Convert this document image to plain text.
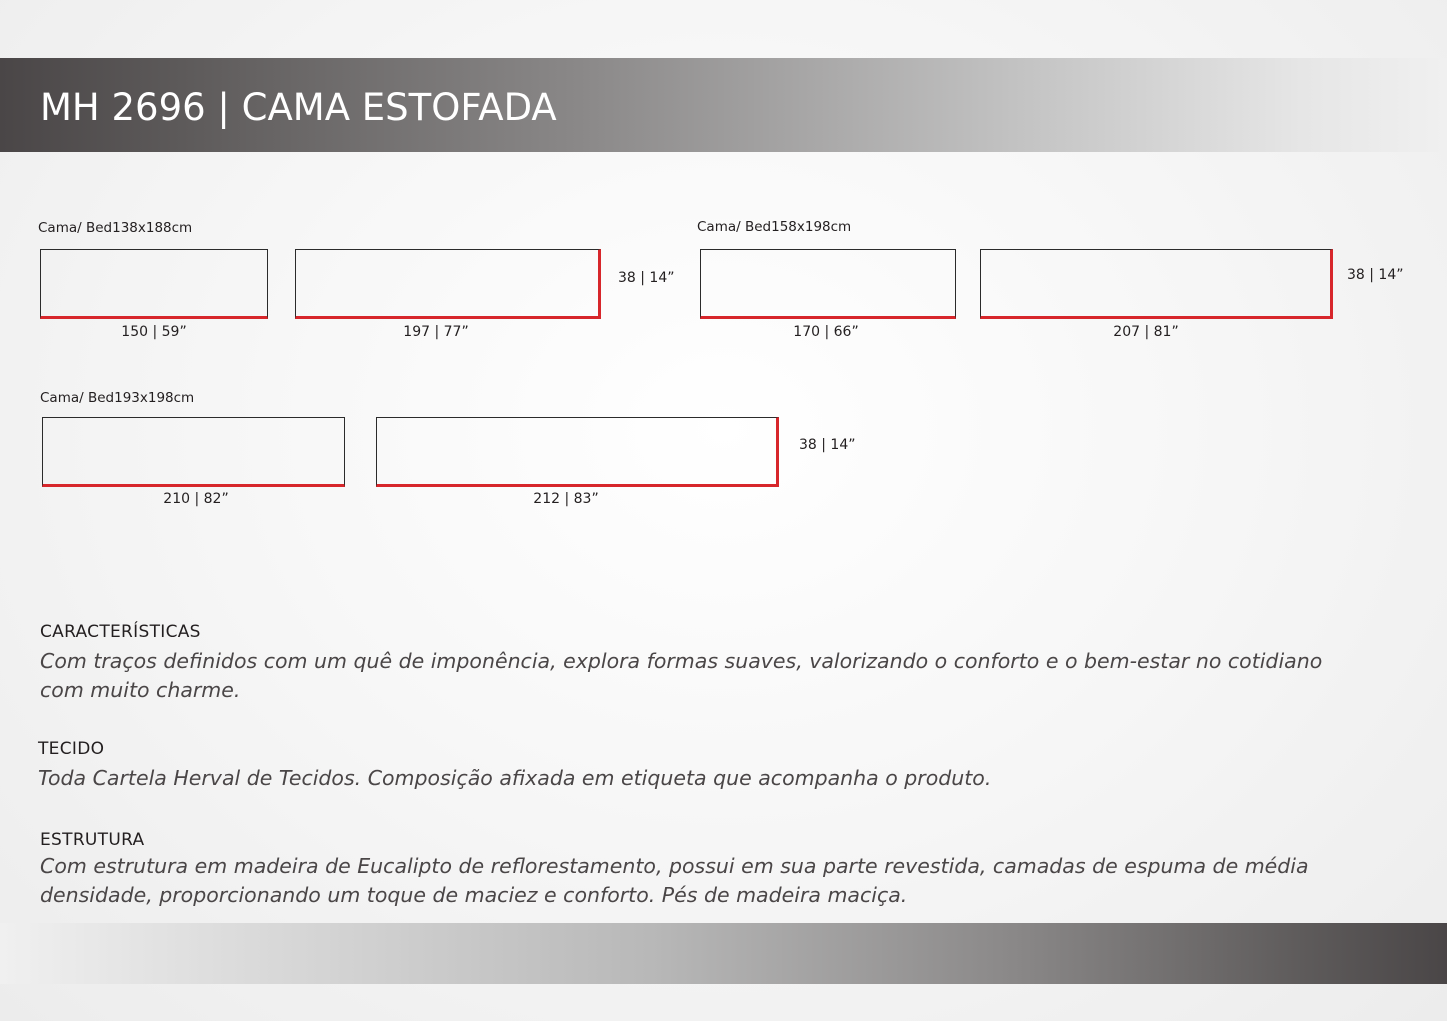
MH 2696 | CAMA ESTOFADA
Cama/ Bed138x188cm
150 | 59”	197 | 77”
38 | 14”
Cama/ Bed158x198cm
170 | 66”	207 | 81”
38 | 14”
Cama/ Bed193x198cm
210 | 82”	212 | 83”
38 | 14”
CARACTERÍSTICAS
Com traços definidos com um quê de imponência, explora formas suaves, valorizando o conforto e o bem-estar no cotidiano com muito charme.
TECIDO
Toda Cartela Herval de Tecidos. Composição afixada em etiqueta que acompanha o produto.
ESTRUTURA
Com estrutura em madeira de Eucalipto de reflorestamento, possui em sua parte revestida, camadas de espuma de média densidade, proporcionando um toque de maciez e conforto. Pés de madeira maciça.
